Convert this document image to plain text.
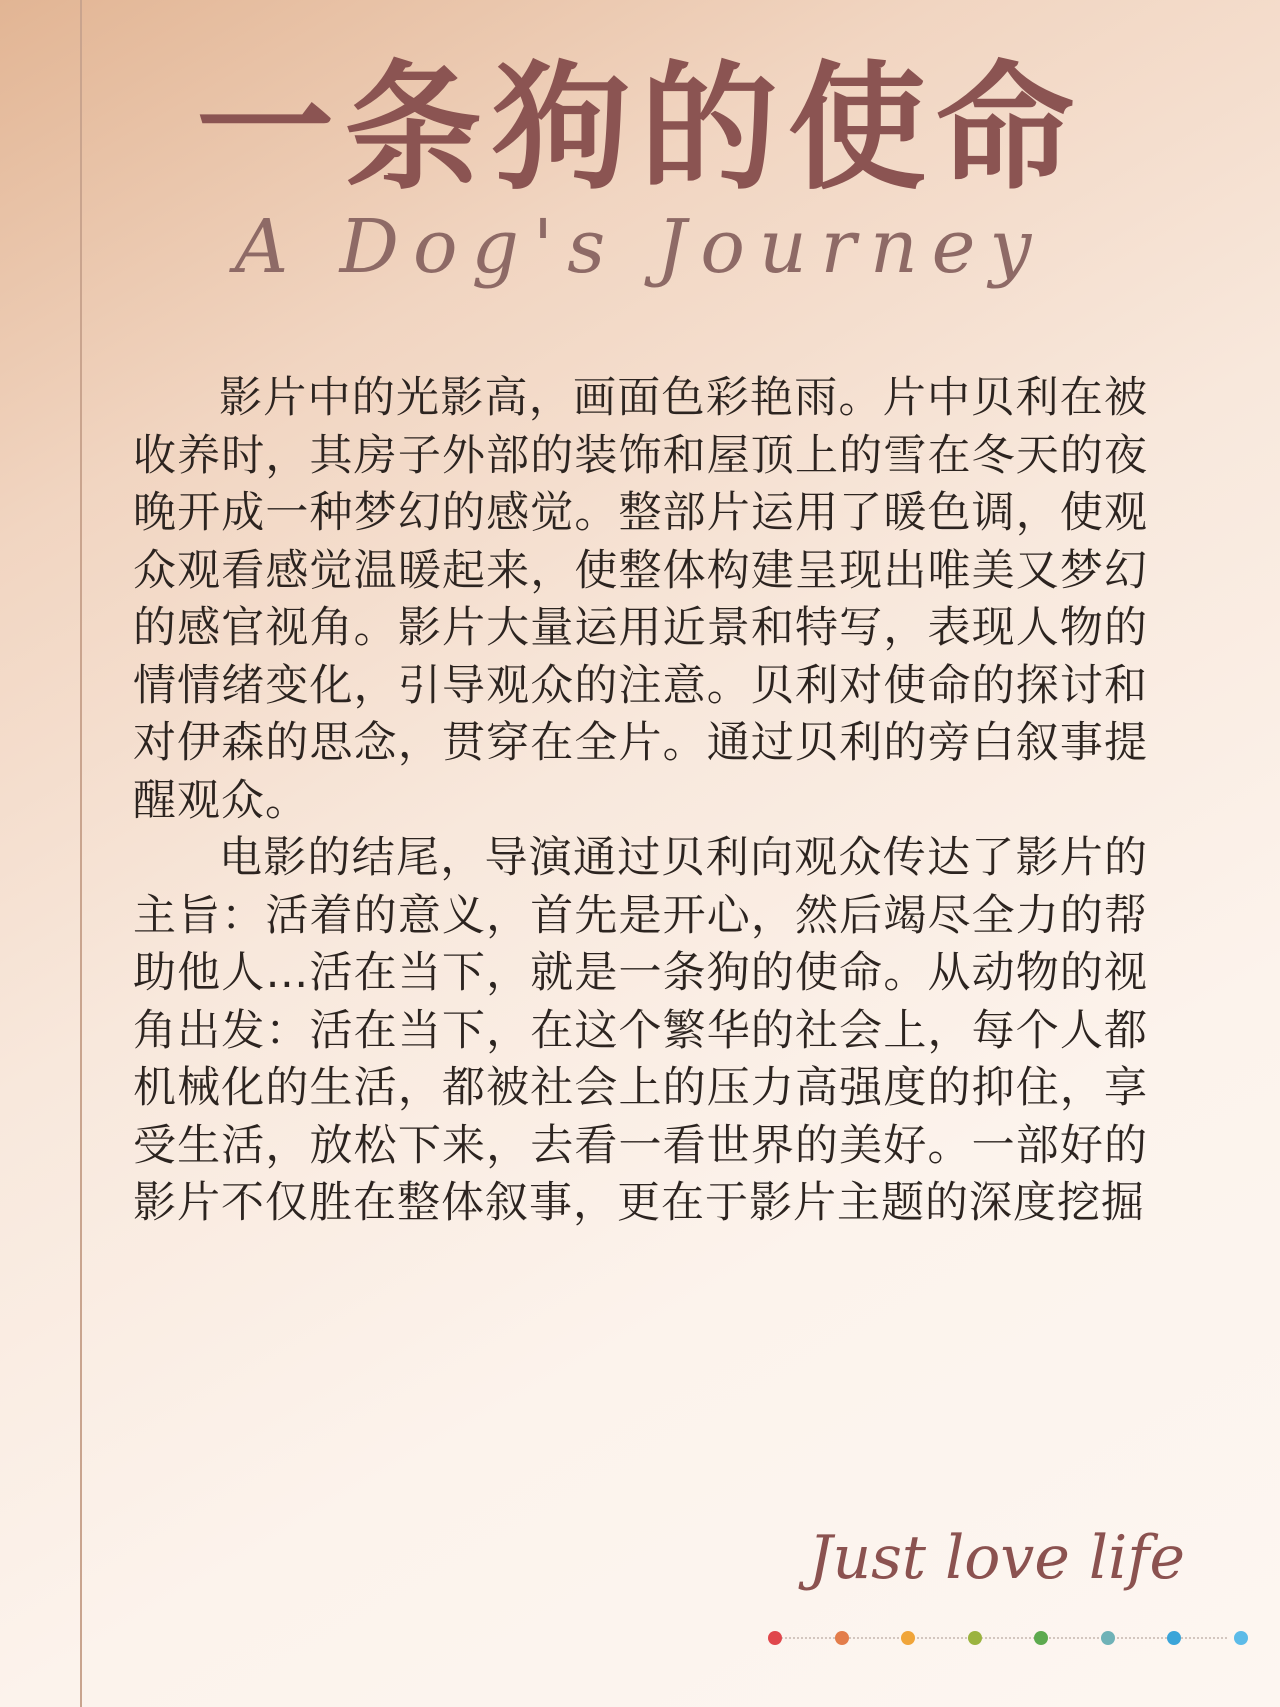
一条狗的使命
A Dog's Journey

影片中的光影高，画面色彩艳雨。片中贝利在被收养时，其房子外部的装饰和屋顶上的雪在冬天的夜晚开成一种梦幻的感觉。整部片运用了暖色调，使观众观看感觉温暖起来，使整体构建呈现出唯美又梦幻的感官视角。影片大量运用近景和特写，表现人物的情情绪变化，引导观众的注意。贝利对使命的探讨和对伊森的思念，贯穿在全片。通过贝利的旁白叙事提醒观众。

电影的结尾，导演通过贝利向观众传达了影片的主旨：活着的意义，首先是开心，然后竭尽全力的帮助他人…活在当下，就是一条狗的使命。从动物的视角出发：活在当下，在这个繁华的社会上，每个人都机械化的生活，都被社会上的压力高强度的抑住，享受生活，放松下来，去看一看世界的美好。一部好的影片不仅胜在整体叙事，更在于影片主题的深度挖掘

Just love life
